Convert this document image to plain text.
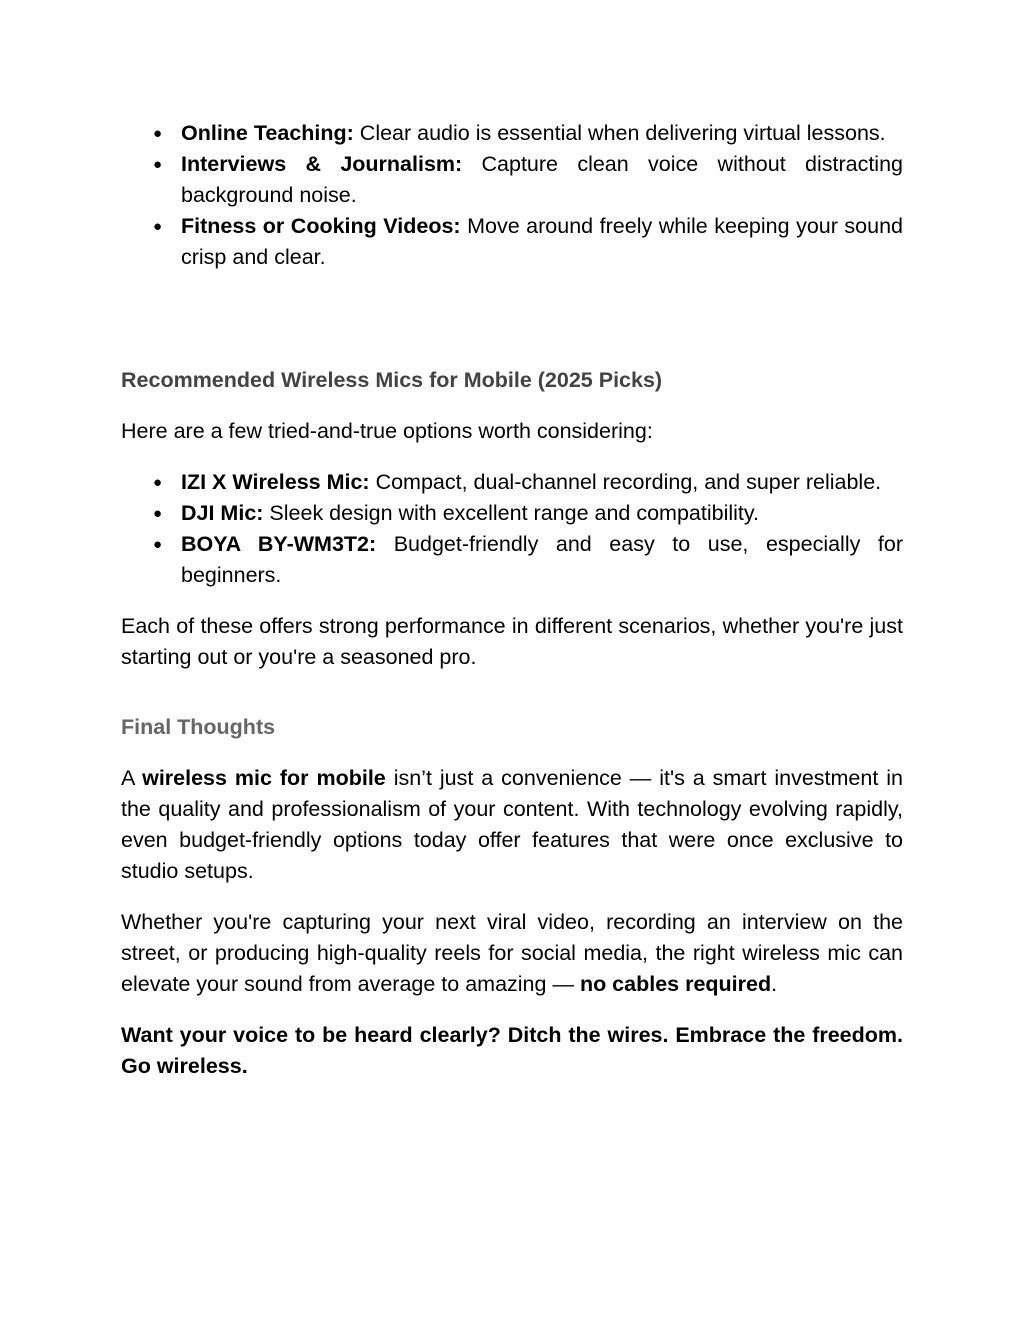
● Online Teaching: Clear audio is essential when delivering virtual lessons.
● Interviews & Journalism: Capture clean voice without distracting background noise.
● Fitness or Cooking Videos: Move around freely while keeping your sound crisp and clear.
Recommended Wireless Mics for Mobile (2025 Picks)

Here are a few tried-and-true options worth considering:

● IZI X Wireless Mic: Compact, dual-channel recording, and super reliable.
● DJI Mic: Sleek design with excellent range and compatibility.
● BOYA BY-WM3T2: Budget-friendly and easy to use, especially for beginners.

Each of these offers strong performance in different scenarios, whether you're just starting out or you're a seasoned pro.

Final Thoughts

A wireless mic for mobile isn’t just a convenience — it's a smart investment in the quality and professionalism of your content. With technology evolving rapidly, even budget-friendly options today offer features that were once exclusive to studio setups.

Whether you're capturing your next viral video, recording an interview on the street, or producing high-quality reels for social media, the right wireless mic can elevate your sound from average to amazing — no cables required.

Want your voice to be heard clearly? Ditch the wires. Embrace the freedom. Go wireless.
